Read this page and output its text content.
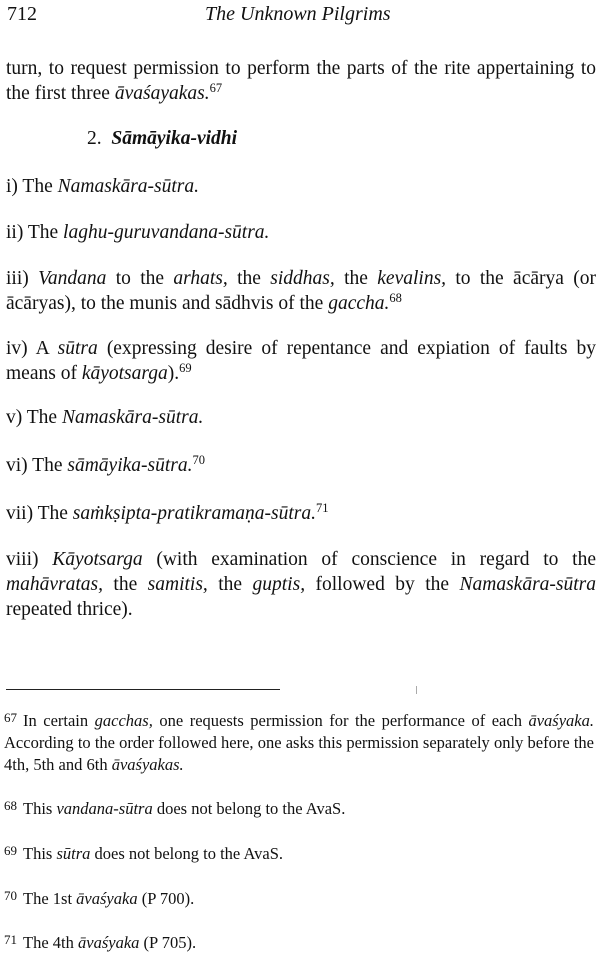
712	The Unknown Pilgrims
turn, to request permission to perform the parts of the rite appertaining to the first three āvaśayakas.$^{67}$
2. Sāmāyika-vidhi
i) The Namaskāra-sūtra.
ii) The laghu-guruvandana-sūtra.
iii) Vandana to the arhats, the siddhas, the kevalins, to the ācārya (or ācāryas), to the munis and sādhvis of the gaccha.$^{68}$
iv) A sūtra (expressing desire of repentance and expiation of faults by means of kāyotsarga).$^{69}$
v) The Namaskāra-sūtra.
vi) The sāmāyika-sūtra.$^{70}$
vii) The saṁkṣipta-pratikramaṇa-sūtra.$^{71}$
viii) Kāyotsarga (with examination of conscience in regard to the mahāvratas, the samitis, the guptis, followed by the Namaskāra-sūtra repeated thrice).
$^{67}$ In certain gacchas, one requests permission for the performance of each āvaśyaka. According to the order followed here, one asks this permission separately only before the 4th, 5th and 6th āvaśyakas.
$^{68}$ This vandana-sūtra does not belong to the AvaS.
$^{69}$ This sūtra does not belong to the AvaS.
$^{70}$ The 1st āvaśyaka (P 700).
$^{71}$ The 4th āvaśyaka (P 705).
